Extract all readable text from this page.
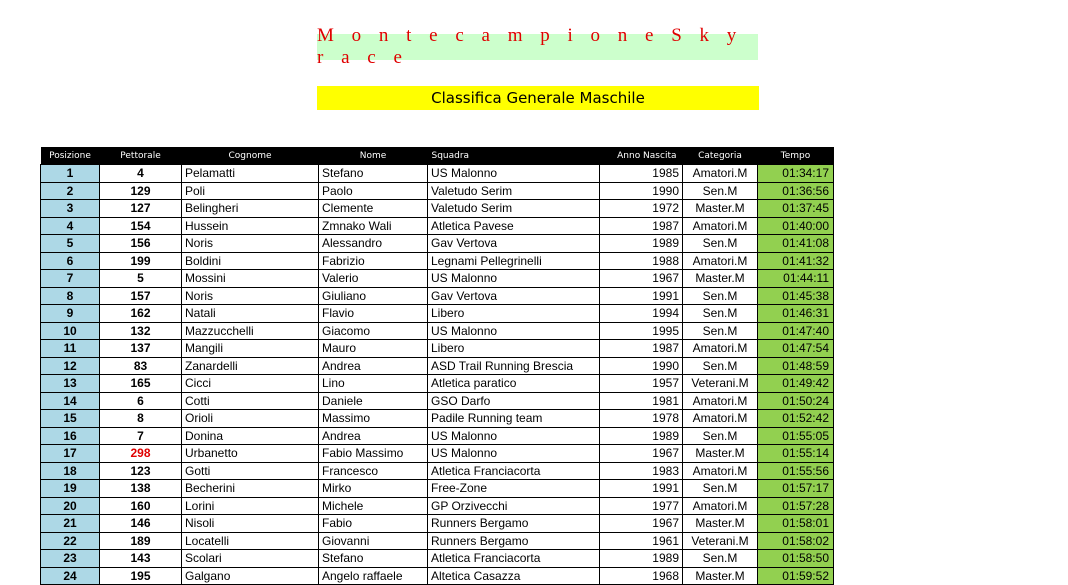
M o n t e c a m p i o n e S k y r a c e
Classifica Generale Maschile
Posizione	Pettorale	Cognome	Nome	Squadra	Anno Nascita	Categoria	Tempo
1	4	Pelamatti	Stefano	US Malonno	1985	Amatori.M	01:34:17
2	129	Poli	Paolo	Valetudo Serim	1990	Sen.M	01:36:56
3	127	Belingheri	Clemente	Valetudo Serim	1972	Master.M	01:37:45
4	154	Hussein	Zmnako Wali	Atletica Pavese	1987	Amatori.M	01:40:00
5	156	Noris	Alessandro	Gav Vertova	1989	Sen.M	01:41:08
6	199	Boldini	Fabrizio	Legnami Pellegrinelli	1988	Amatori.M	01:41:32
7	5	Mossini	Valerio	US Malonno	1967	Master.M	01:44:11
8	157	Noris	Giuliano	Gav Vertova	1991	Sen.M	01:45:38
9	162	Natali	Flavio	Libero	1994	Sen.M	01:46:31
10	132	Mazzucchelli	Giacomo	US Malonno	1995	Sen.M	01:47:40
11	137	Mangili	Mauro	Libero	1987	Amatori.M	01:47:54
12	83	Zanardelli	Andrea	ASD Trail Running Brescia	1990	Sen.M	01:48:59
13	165	Cicci	Lino	Atletica paratico	1957	Veterani.M	01:49:42
14	6	Cotti	Daniele	GSO Darfo	1981	Amatori.M	01:50:24
15	8	Orioli	Massimo	Padile Running team	1978	Amatori.M	01:52:42
16	7	Donina	Andrea	US Malonno	1989	Sen.M	01:55:05
17	298	Urbanetto	Fabio Massimo	US Malonno	1967	Master.M	01:55:14
18	123	Gotti	Francesco	Atletica Franciacorta	1983	Amatori.M	01:55:56
19	138	Becherini	Mirko	Free-Zone	1991	Sen.M	01:57:17
20	160	Lorini	Michele	GP Orzivecchi	1977	Amatori.M	01:57:28
21	146	Nisoli	Fabio	Runners Bergamo	1967	Master.M	01:58:01
22	189	Locatelli	Giovanni	Runners Bergamo	1961	Veterani.M	01:58:02
23	143	Scolari	Stefano	Atletica Franciacorta	1989	Sen.M	01:58:50
24	195	Galgano	Angelo raffaele	Altetica Casazza	1968	Master.M	01:59:52
